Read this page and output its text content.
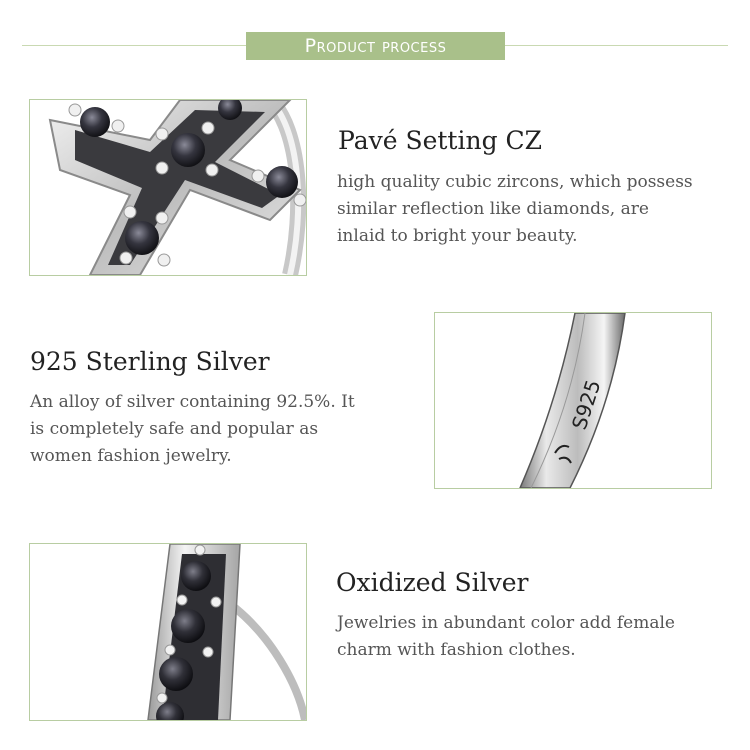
Product process
Pavé Setting CZ
high quality cubic zircons, which possess
similar reflection like diamonds, are
inlaid to bright your beauty.
925 Sterling Silver
An alloy of silver containing 92.5%. It
is completely safe and popular as
women fashion jewelry.
S925
Oxidized Silver
Jewelries in abundant color add female
charm with fashion clothes.
